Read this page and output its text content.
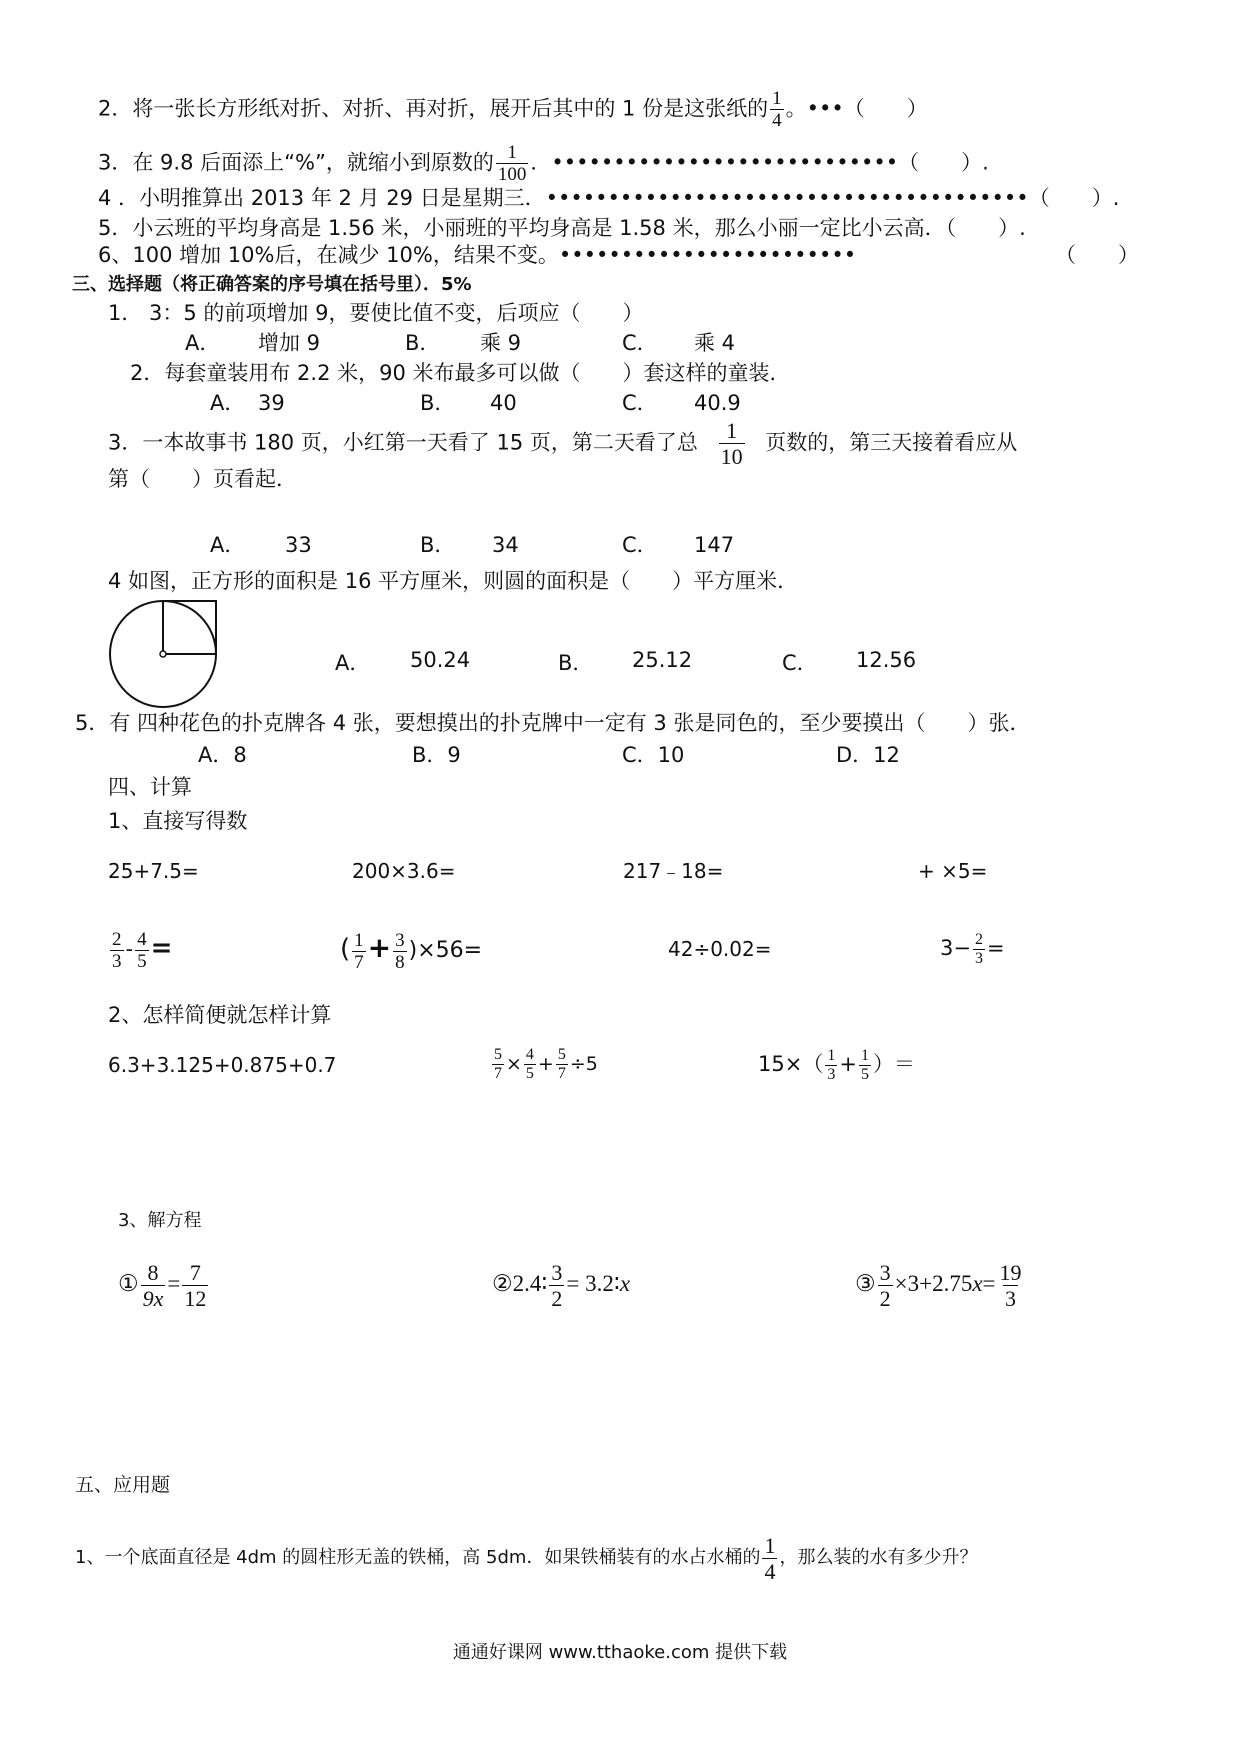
2．将一张长方形纸对折、对折、再对折，展开后其中的 1 份是这张纸的 $\frac{1}{4}$ 。•••（　　）
3．在 9.8 后面添上“%”，就缩小到原数的 $\frac{1}{100}$ ．••••••••••••••••••••••••••••（　　）.
4 ．小明推算出 2013 年 2 月 29 日是星期三．•••••••••••••••••••••••••••••••••••••••（　　）.
5．小云班的平均身高是 1.56 米，小丽班的平均身高是 1.58 米，那么小丽一定比小云高．（　　）.
6、100 增加 10%后，在减少 10%，结果不变。••••••••••••••••••••••••	（　　）
三、选择题（将正确答案的序号填在括号里）．5%
1． 3：5 的前项增加 9，要使比值不变，后项应（　　）
A． 增加 9	B． 乘 9	C． 乘 4
2．每套童装用布 2.2 米，90 米布最多可以做（　　）套这样的童装．
A． 39	B． 40	C． 40.9
第（　　）页看起．
3．一本故事书 180 页，小红第一天看了 15 页，第二天看了总 $\frac{1}{10}$ 页数的，第三天接着看应从
A． 33	B． 34	C． 147
4 如图，正方形的面积是 16 平方厘米，则圆的面积是（　　）平方厘米．
A． 50.24	B． 25.12	C． 12.56
5．有 四种花色的扑克牌各 4 张，要想摸出的扑克牌中一定有 3 张是同色的，至少要摸出（　　）张．
A．8	B．9	C．10	D．12
四、计算
1、直接写得数
25+7.5=	200×3.6=	217﹣18=	+ ×5=
$\frac{2}{3} - \frac{4}{5}$ =	( $\frac{1}{7} + \frac{3}{8} )\times 56=$	42÷0.02=	$3- \frac{2}{3}$ =
2、怎样简便就怎样计算
6.3+3.125+0.875+0.7	$\frac{5}{7} \times \frac{4}{5} + \frac{5}{7} \div 5$	$15\times( \frac{1}{3} + \frac{1}{5}$ ）＝
3、解方程
① $\frac{8}{9x} = \frac{7}{12}$	②2.4∶ $\frac{3}{2}$ = 3.2∶x	③ $\frac{3}{2} \times 3+2.75x= \frac{19}{3}$
五、应用题
1、一个底面直径是 4dm 的圆柱形无盖的铁桶，高 5dm．如果铁桶装有的水占水桶的 $\frac{1}{4}$ ，那么装的水有多少升？
通通好课网 www.tthaoke.com 提供下载
